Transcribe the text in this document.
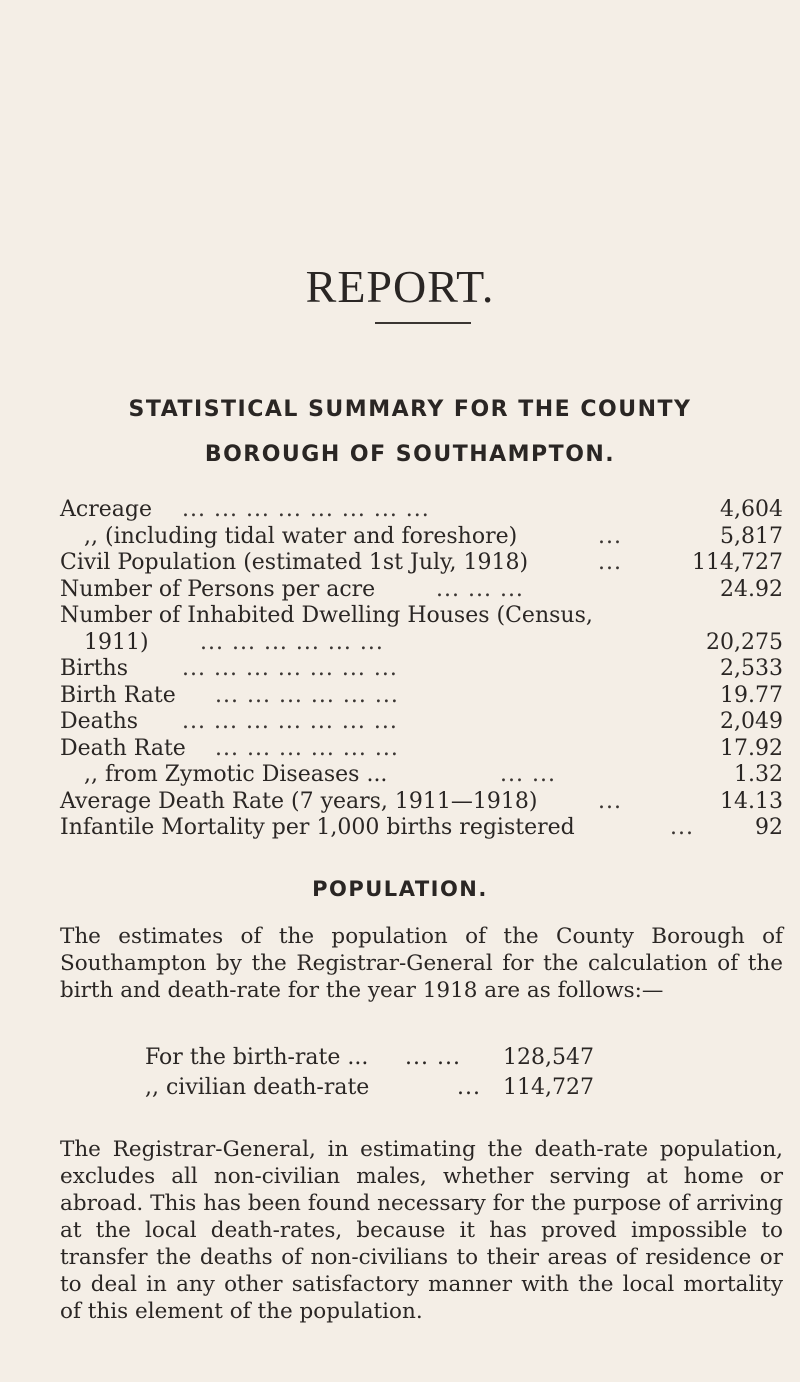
REPORT.
STATISTICAL SUMMARY FOR THE COUNTY
BOROUGH OF SOUTHAMPTON.
Acreage ... ... ... ... ... ... ... ...	4,604
,, (including tidal water and foreshore)	...	5,817
Civil Population (estimated 1st July, 1918)	...	114,727
Number of Persons per acre	... ... ...	24.92
Number of Inhabited Dwelling Houses (Census,
1911) ... ... ... ... ... ...	20,275
Births ... ... ... ... ... ... ...	2,533
Birth Rate ... ... ... ... ... ...	19.77
Deaths ... ... ... ... ... ... ...	2,049
Death Rate ... ... ... ... ... ...	17.92
,, from Zymotic Diseases ...	... ...	1.32
Average Death Rate (7 years, 1911—1918)	...	14.13
Infantile Mortality per 1,000 births registered	...	92
POPULATION.
The estimates of the population of the County Borough of Southampton by the Registrar-General for the calculation of the birth and death-rate for the year 1918 are as follows:—
For the birth-rate ... ... ... 128,547
,, civilian death-rate	... 114,727
The Registrar-General, in estimating the death-rate population, excludes all non-civilian males, whether serving at home or abroad. This has been found necessary for the purpose of arriving at the local death-rates, because it has proved impossible to transfer the deaths of non-civilians to their areas of residence or to deal in any other satisfactory manner with the local mortality of this element of the population.
